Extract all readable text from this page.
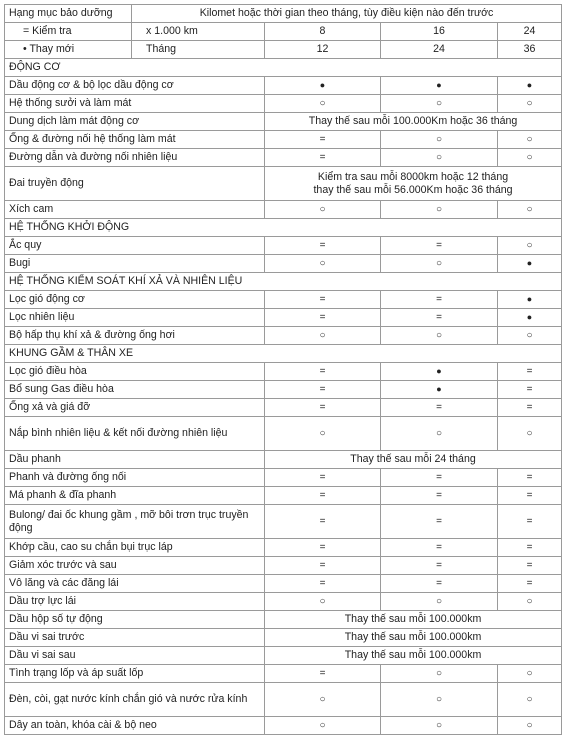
Hạng mục bảo dưỡng	Kilomet hoặc thời gian theo tháng, tùy điều kiện nào đến trước			
= Kiểm tra	x 1.000 km	8	16	24
• Thay mới	Tháng	12	24	36
ĐỘNG CƠ				
Dầu động cơ & bộ lọc dầu động cơ		●	●	●
Hệ thống sưởi và làm mát		○	○	○
Dung dịch làm mát động cơ		Thay thế sau mỗi 100.000Km hoặc 36 tháng		

Ống & đường nối hệ thống làm mát		=	○	○
Đường dẫn và đường nối nhiên liệu		=	○	○
Đai truyền động		Kiểm tra sau mỗi 8000km hoặc 12 tháng
thay thế sau mỗi 56.000Km hoặc 36 tháng		

Xích cam		○	○	○
HỆ THỐNG KHỞI ĐỘNG				
Ắc quy		=	=	○
Bugi		○	○	●
HỆ THỐNG KIỂM SOÁT KHÍ XẢ VÀ NHIÊN LIỆU				
Lọc gió động cơ		=	=	●
Lọc nhiên liệu		=	=	●
Bộ hấp thụ khí xả & đường ống hơi		○	○	○
KHUNG GẦM & THÂN XE				
Lọc gió điều hòa		=	●	=
Bổ sung Gas điều hòa		=	●	=
Ống xả và giá đỡ		=	=	=
Nắp bình nhiên liệu & kết nối đường nhiên liệu		○	○	○
Dầu phanh		Thay thế sau mỗi 24 tháng		

Phanh và đường ống nối		=	=	=
Má phanh & đĩa phanh		=	=	=
Bulong/ đai ốc khung gầm , mỡ bôi trơn trục truyền động		=	=	=
Khớp cầu, cao su chắn bụi trục láp		=	=	=
Giảm xóc trước và sau		=	=	=
Vô lăng và các đăng lái		=	=	=
Dầu trợ lực lái		○	○	○
Dầu hộp số tự động		Thay thế sau mỗi 100.000km		

Dầu vi sai trước		Thay thế sau mỗi 100.000km		

Dầu vi sai sau		Thay thế sau mỗi 100.000km		

Tình trạng lốp và áp suất lốp		=	○	○
Đèn, còi, gạt nước kính chắn gió và nước rửa kính		○	○	○
Dây an toàn, khóa cài & bộ neo		○	○	○
